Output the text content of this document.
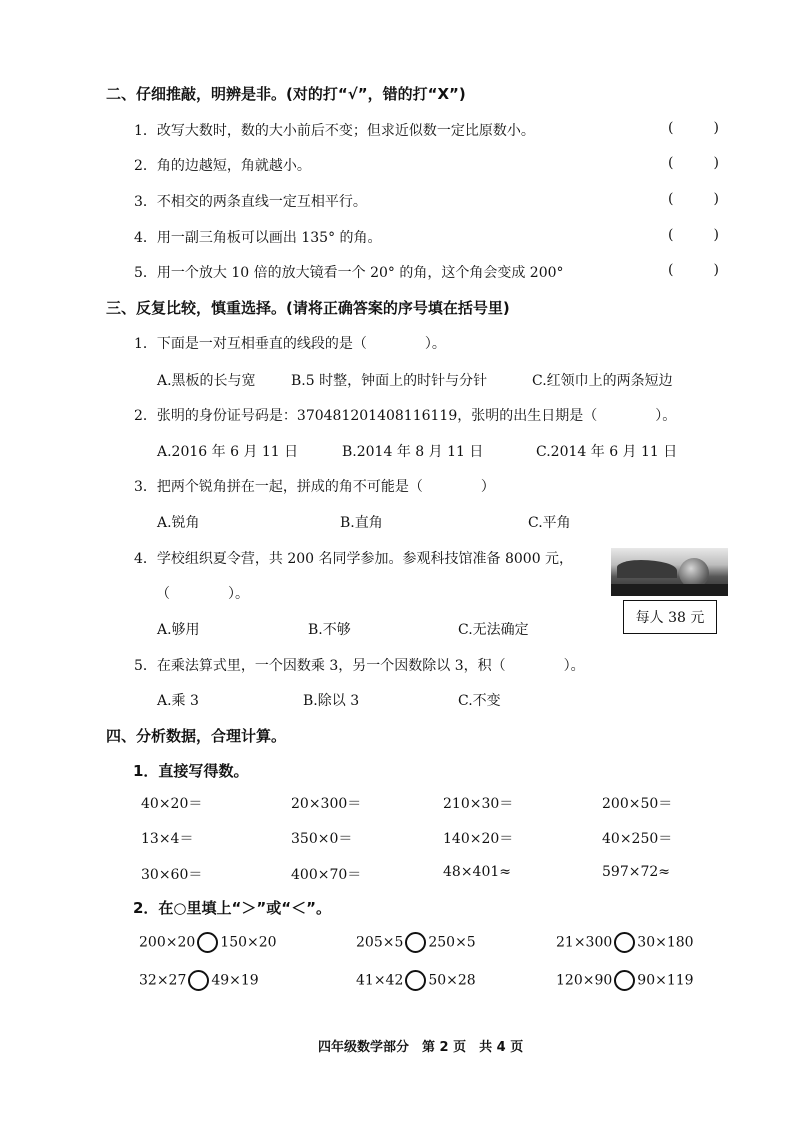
二、仔细推敲，明辨是非。(对的打“√”，错的打“X”)
1．改写大数时，数的大小前后不变；但求近似数一定比原数小。	(	)
2．角的边越短，角就越小。	(	)
3．不相交的两条直线一定互相平行。	(	)
4．用一副三角板可以画出 135° 的角。	(	)
5．用一个放大 10 倍的放大镜看一个 20° 的角，这个角会变成 200°	(	)
三、反复比较，慎重选择。(请将正确答案的序号填在括号里)
1．下面是一对互相垂直的线段的是（	）。
A.黑板的长与宽	B.5 时整，钟面上的时针与分针	C.红领巾上的两条短边
2．张明的身份证号码是：370481201408116119，张明的出生日期是（	）。
A.2016 年 6 月 11 日	B.2014 年 8 月 11 日	C.2014 年 6 月 11 日
3．把两个锐角拼在一起，拼成的角不可能是（	）
A.锐角	B.直角	C.平角
4．学校组织夏令营，共 200 名同学参加。参观科技馆准备 8000 元，
（	）。
每人 38 元
A.够用	B.不够	C.无法确定
5．在乘法算式里，一个因数乘 3，另一个因数除以 3，积（	）。
A.乘 3	B.除以 3	C.不变
四、分析数据，合理计算。
1．直接写得数。
40×20＝	20×300＝	210×30＝	200×50＝
13×4＝	350×0＝	140×20＝	40×250＝
30×60＝	400×70＝	48×401≈	597×72≈
2．在○里填上“＞”或“＜”。
200×20 150×20	205×5 250×5	21×300 30×180
32×27 49×19	41×42 50×28	120×90 90×119
四年级数学部分　第 2 页　共 4 页
